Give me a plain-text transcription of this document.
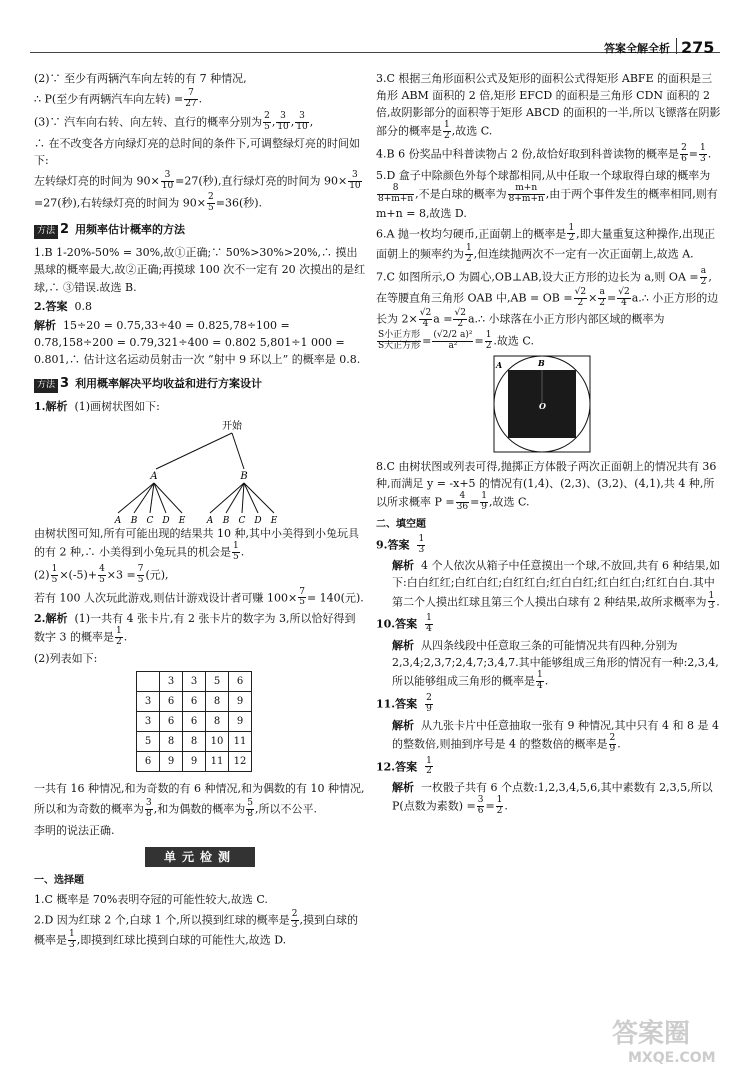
答案全解全析 275

(2)∵ 至少有两辆汽车向左转的有 7 种情况,

∴ P(至少有两辆汽车向左转) = $\frac{7}{27}$ .

(3)∵ 汽车向右转、向左转、直行的概率分别为 $\frac{2}{5}$ , $\frac{3}{10}$ , $\frac{3}{10}$ ,

∴ 在不改变各方向绿灯亮的总时间的条件下,可调整绿灯亮的时间如下:

左转绿灯亮的时间为 $90\times \frac{3}{10} =27$(秒),直行绿灯亮的时间为 $90\times \frac{3}{10}$

=27(秒),右转绿灯亮的时间为 $90\times \frac{2}{5} =36$(秒).

方法 2 用频率估计概率的方法

1.B 1-20%-50% = 30%,故①正确;∵ 50%>30%>20%,∴ 摸出黑球的概率最大,故②正确;再摸球 100 次不一定有 20 次摸出的是红球,∴ ③错误.故选 B.

2.答案 0.8

解析 15÷20 = 0.75,33÷40 = 0.825,78÷100 = 0.78,158÷200 = 0.79,321÷400 = 0.802 5,801÷1 000 = 0.801,∴ 估计这名运动员射击一次 “射中 9 环以上” 的概率是 0.8.

方法 3 利用概率解决平均收益和进行方案设计

1.解析 (1)画树状图如下:

开始
A	B
A B C D E A B C D E

由树状图可知,所有可能出现的结果共 10 种,其中小美得到小兔玩具的有 2 种,∴ 小美得到小兔玩具的机会是 $\frac{1}{5}$ .

$(2) \frac{1}{5} \times(-5)+ \frac{4}{5} \times 3 = \frac{7}{5}$ (元),

若有 100 人次玩此游戏,则估计游戏设计者可赚 $100\times \frac{7}{5} = 140$(元).

2.解析 (1)一共有 4 张卡片,有 2 张卡片的数字为 3,所以恰好得到数字 3 的概率是 $\frac{1}{2}$ .

(2)列表如下:

	3	3	5	6
3	6	6	8	9
3	6	6	8	9
5	8	8	10	11
6	9	9	11	12

一共有 16 种情况,和为奇数的有 6 种情况,和为偶数的有 10 种情况,

所以和为奇数的概率为 $\frac{3}{8}$ ,和为偶数的概率为 $\frac{5}{8}$ ,所以不公平.

李明的说法正确.

单元检测
一、选择题

1.C 概率是 70%表明夺冠的可能性较大,故选 C.

2.D 因为红球 2 个,白球 1 个,所以摸到红球的概率是 $\frac{2}{3}$ ,摸到白球的概率是 $\frac{1}{3}$ ,即摸到红球比摸到白球的可能性大,故选 D.

3.C 根据三角形面积公式及矩形的面积公式得矩形 ABFE 的面积是三角形 ABM 面积的 2 倍,矩形 EFCD 的面积是三角形 CDN 面积的 2 倍,故阴影部分的面积等于矩形 ABCD 的面积的一半,所以飞镖落在阴影部分的概率是 $\frac{1}{2}$ ,故选 C.

4.B 6 份奖品中科普读物占 2 份,故恰好取到科普读物的概率是 $\frac{2}{6} = \frac{1}{3}$ .

5.D 盒子中除颜色外每个球都相同,从中任取一个球取得白球的概率为
$\frac{8}{8+m+n}$ ,不是白球的概率为 $\frac{m+n}{8+m+n}$ ,由于两个事件发生的概率相同,则有 m+n = 8,故选 D.

6.A 抛一枚均匀硬币,正面朝上的概率是 $\frac{1}{2}$ ,即大量重复这种操作,出现正面朝上的频率约为 $\frac{1}{2}$ ,但连续抛两次不一定有一次正面朝上,故选 A.

7.C 如图所示,O 为圆心,OB⊥AB,设大正方形的边长为 a,则 OA = $\frac{a}{2}$ ,在等腰直角三角形 OAB 中,AB = OB = $\frac{√2}{2} \times \frac{a}{2} = \frac{√2}{4}$ a.∴ 小正方形的边长为 $2\times \frac{√2}{4}$ $a = \frac{√2}{2}$ a.∴ 小球落在小正方形内部区域的概率为

$\frac{\text{S小正方形}}{\text{S大正方形}} = \frac{\text{(√2/2 a)²}}{\text{a²}} = \frac{1}{2}$ .故选 C.

A	B
O

8.C 由树状图或列表可得,抛掷正方体骰子两次正面朝上的情况共有 36 种,而满足 y = -x+5 的情况有(1,4)、(2,3)、(3,2)、(4,1),共 4 种,所以所求概率 $P = \frac{4}{36} = \frac{1}{9}$ ,故选 C.

二、填空题

9.答案 $\frac{1}{3}$

解析 4 个人依次从箱子中任意摸出一个球,不放回,共有 6 种结果,如下:白白红红;白红白红;白红红白;红白白红;红白红白;红红白白.其中第二个人摸出红球且第三个人摸出白球有 2 种结果,故所求概率为 $\frac{1}{3}$ .

10.答案 $\frac{1}{4}$

解析 从四条线段中任意取三条的可能情况共有四种,分别为 2,3,4;2,3,7;2,4,7;3,4,7.其中能够组成三角形的情况有一种:2,3,4,所以能够组成三角形的概率是 $\frac{1}{4}$ .

11.答案 $\frac{2}{9}$

解析 从九张卡片中任意抽取一张有 9 种情况,其中只有 4 和 8 是 4 的整数倍,则抽到序号是 4 的整数倍的概率是 $\frac{2}{9}$ .

12.答案 $\frac{1}{2}$

解析 一枚骰子共有 6 个点数:1,2,3,4,5,6,其中素数有 2,3,5,所以 P(点数为素数) = $\frac{3}{6} = \frac{1}{2}$ .

答案圈
MXQE.COM
